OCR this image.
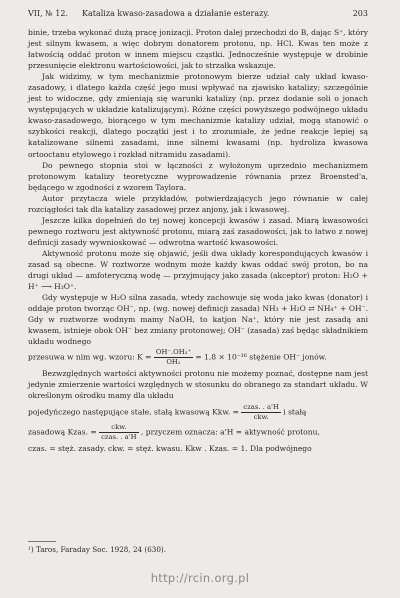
VII, № 12. Kataliza kwaso-zasadowa a działanie esterazy.	203

binie, trzeba wykonać dużą pracę jonizacji. Proton dalej przechodzi do B, dając S⁺, który jest silnym kwasem, a więc dobrym donatorem protonu, np. HCl. Kwas ten może z łatwością oddać proton w innem miejscu cząstki. Jednocześnie występuje w drobinie przesunięcie elektronu wartościowości, jak to strzałka wskazuje.

Jak widzimy, w tym mechanizmie protonowym bierze udział cały układ kwaso-zasadowy, i dlatego każda część jego musi wpływać na zjawisko katalizy; szczególnie jest to widoczne, gdy zmieniają się warunki katalizy (np. przez dodanie soli o jonach występujących w układzie katalizującym). Różne części powyższego podwójnego układu kwaso-zasadowego, biorącego w tym mechanizmie katalizy udział, mogą stanowić o szybkości reakcji, dlatego początki jest i to zrozumiałe, że jedne reakcje lepiej są katalizowane silnemi zasadami, inne silnemi kwasami (np. hydroliza kwasowa ortooctanu etylowego i rozkład nitramidu zasadami).

Do pewnego stopnia stoi w łączności z wyłożonym uprzednio mechanizmem protonowym katalizy teoretyczne wyprowadzenie równania przez Broensted'a, będącego w zgodności z wzorem Taylora.

Autor przytacza wiele przykładów, potwierdzających jego równanie w całej rozciągłości tak dla katalizy zasadowej przez anjony, jak i kwasowej.

Jeszcze kilka dopełnień do tej nowej koncepcji kwasów i zasad. Miarą kwasowości pewnego roztworu jest aktywność protonu, miarą zaś zasadowości, jak to łatwo z nowej definicji zasady wywnioskować — odwrotna wartość kwasowości.

Aktywność protonu może się objawić, jeśli dwa układy korespondujących kwasów i zasad są obecne. W roztworze wodnym może każdy kwas oddać swój proton, bo na drugi układ — amfoteryczną wodę — przyjmujący jako zasada (akceptor) proton: H₂O + H⁺ ⟶ H₃O⁺.

Gdy występuje w H₂O silna zasada, wtedy zachowuje się woda jako kwas (donator) i oddaje proton tworząc OH⁻, np. (wg. nowej definicji zasada) NH₃ + H₂O ⇄ NH₄⁺ + OH⁻. Gdy w roztworze wodnym mamy NaOH, to katjon Na⁺, który nie jest zasadą ani kwasem, istnieje obok OH⁻ bez zmiany protonowej; OH⁻ (zasada) zaś będąc składnikiem układu wodnego

przesuwa w nim wg. wzoru: $K = \frac{\text{OH⁻.OH₃⁺}}{\text{OH₂}} = 1,8 \times 10^{-16}$ stężenie OH⁻ jonów.

Bezwzględnych wartości aktywności protonu nie możemy poznać, dostępne nam jest jedynie zmierzenie wartości względnych w stosunku do obranego za standart układu. W określonym ośrodku mamy dla układu

pojedyńczego następujące stałe, stałą kwasową Kkw. = $\frac{\text{czas. . a'H}}{\text{ckw.}}$ i stałą

zasadową Kzas. = $\frac{\text{ckw.}}{\text{czas. . a'H}}$ , przyczem oznacza: a'H = aktywność protonu,

czas. = stęż. zasady. ckw. = stęż. kwasu. Kkw . Kzas. = 1. Dla podwójnego

¹) Taros, Faraday Soc. 1928, 24 (630).
http://rcin.org.pl
